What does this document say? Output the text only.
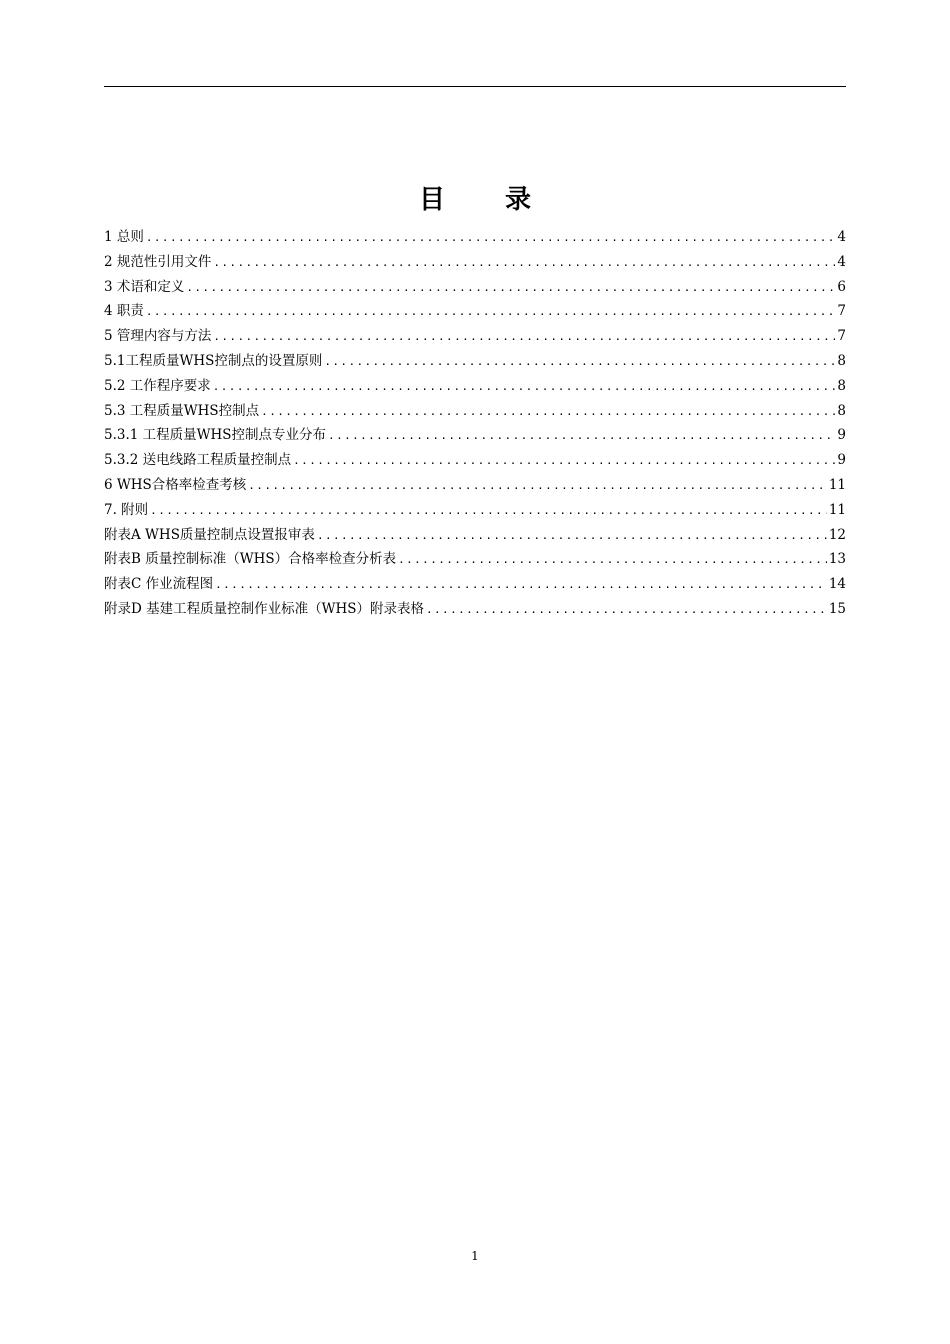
目 录
1 总则 .....	4
2 规范性引用文件 .....	4
3 术语和定义 .....	6
4 职责 .....	7
5 管理内容与方法 .....	7
5.1工程质量WHS控制点的设置原则 .....	8
5.2 工作程序要求 .....	8
5.3 工程质量WHS控制点 .....	8
5.3.1 工程质量WHS控制点专业分布 .....	9
5.3.2 送电线路工程质量控制点 .....	9
6 WHS合格率检查考核 .....	11
7. 附则 .....	11
附表A WHS质量控制点设置报审表 .....	12
附表B 质量控制标准（WHS）合格率检查分析表 .....	13
附表C 作业流程图 .....	14
附录D 基建工程质量控制作业标准（WHS）附录表格 .....	15
1
